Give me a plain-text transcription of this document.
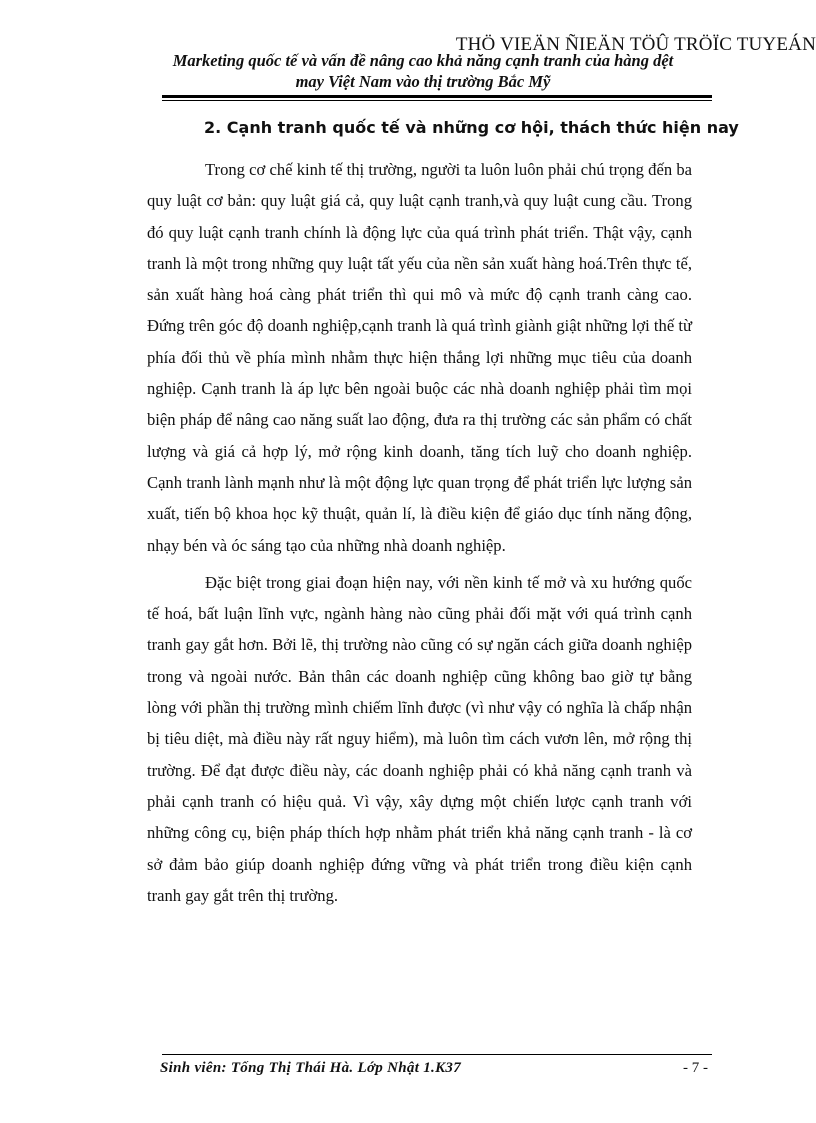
THÖ VIEÄN ÑIEÄN TÖÛ TRÖÏC TUYEÁN
Marketing quốc tế và vấn đề nâng cao khả năng cạnh tranh của hàng dệt
may Việt Nam vào thị trường Bắc Mỹ
2. Cạnh tranh quốc tế và những cơ hội, thách thức hiện nay

Trong cơ chế kinh tế thị trường, người ta luôn luôn phải chú trọng đến ba quy luật cơ bản: quy luật giá cả, quy luật cạnh tranh,và quy luật cung cầu. Trong đó quy luật cạnh tranh chính là động lực của quá trình phát triển. Thật vậy, cạnh tranh là một trong những quy luật tất yếu của nền sản xuất hàng hoá.Trên thực tế, sản xuất hàng hoá càng phát triển thì qui mô và mức độ cạnh tranh càng cao. Đứng trên góc độ doanh nghiệp,cạnh tranh là quá trình giành giật những lợi thế từ phía đối thủ về phía mình nhằm thực hiện thắng lợi những mục tiêu của doanh nghiệp. Cạnh tranh là áp lực bên ngoài buộc các nhà doanh nghiệp phải tìm mọi biện pháp để nâng cao năng suất lao động, đưa ra thị trường các sản phẩm có chất lượng và giá cả hợp lý, mở rộng kinh doanh, tăng tích luỹ cho doanh nghiệp. Cạnh tranh lành mạnh như là một động lực quan trọng để phát triển lực lượng sản xuất, tiến bộ khoa học kỹ thuật, quản lí, là điều kiện để giáo dục tính năng động, nhạy bén và óc sáng tạo của những nhà doanh nghiệp.

Đặc biệt trong giai đoạn hiện nay, với nền kinh tế mở và xu hướng quốc tế hoá, bất luận lĩnh vực, ngành hàng nào cũng phải đối mặt với quá trình cạnh tranh gay gắt hơn. Bởi lẽ, thị trường nào cũng có sự ngăn cách giữa doanh nghiệp trong và ngoài nước. Bản thân các doanh nghiệp cũng không bao giờ tự bằng lòng với phần thị trường mình chiếm lĩnh được (vì như vậy có nghĩa là chấp nhận bị tiêu diệt, mà điều này rất nguy hiểm), mà luôn tìm cách vươn lên, mở rộng thị trường. Để đạt được điều này, các doanh nghiệp phải có khả năng cạnh tranh và phải cạnh tranh có hiệu quả. Vì vậy, xây dựng một chiến lược cạnh tranh với những công cụ, biện pháp thích hợp nhằm phát triển khả năng cạnh tranh - là cơ sở đảm bảo giúp doanh nghiệp đứng vững và phát triển trong điều kiện cạnh tranh gay gắt trên thị trường.

Sinh viên: Tống Thị Thái Hà. Lớp Nhật 1.K37	- 7 -
